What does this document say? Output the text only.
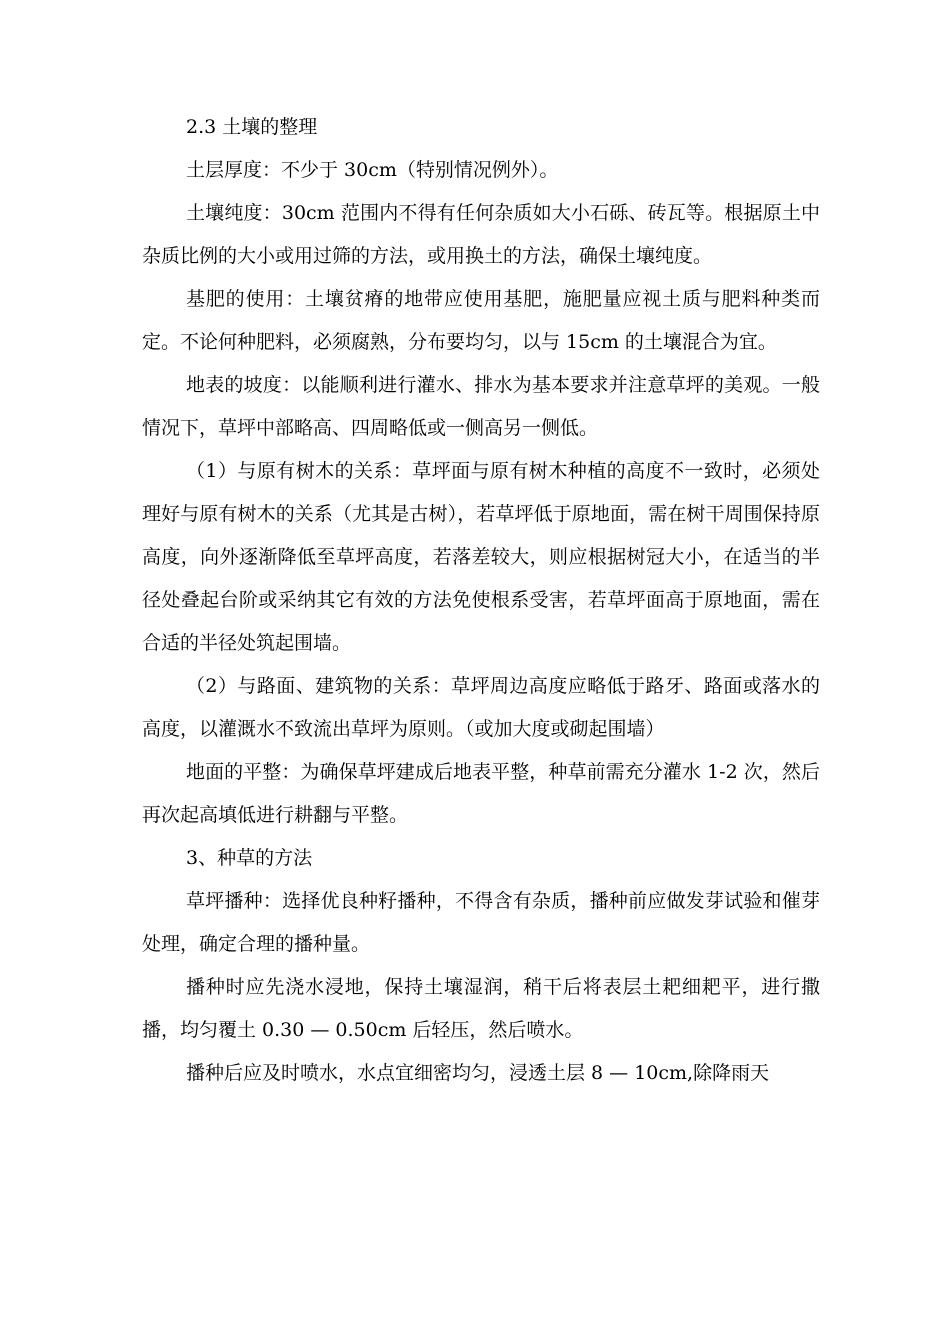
2.3 土壤的整理

土层厚度：不少于 30cm（特别情况例外）。

土壤纯度：30cm 范围内不得有任何杂质如大小石砾、砖瓦等。根据原土中杂质比例的大小或用过筛的方法，或用换土的方法，确保土壤纯度。

基肥的使用：土壤贫瘠的地带应使用基肥，施肥量应视土质与肥料种类而定。不论何种肥料，必须腐熟，分布要均匀，以与 15cm 的土壤混合为宜。

地表的坡度：以能顺利进行灌水、排水为基本要求并注意草坪的美观。一般情况下，草坪中部略高、四周略低或一侧高另一侧低。

（1）与原有树木的关系：草坪面与原有树木种植的高度不一致时，必须处理好与原有树木的关系（尤其是古树），若草坪低于原地面，需在树干周围保持原高度，向外逐渐降低至草坪高度，若落差较大，则应根据树冠大小，在适当的半径处叠起台阶或采纳其它有效的方法免使根系受害，若草坪面高于原地面，需在合适的半径处筑起围墙。

（2）与路面、建筑物的关系：草坪周边高度应略低于路牙、路面或落水的高度，以灌溉水不致流出草坪为原则。（或加大度或砌起围墙）

地面的平整：为确保草坪建成后地表平整，种草前需充分灌水 1-2 次，然后再次起高填低进行耕翻与平整。

3、种草的方法

草坪播种：选择优良种籽播种，不得含有杂质，播种前应做发芽试验和催芽处理，确定合理的播种量。

播种时应先浇水浸地，保持土壤湿润，稍干后将表层土耙细耙平，进行撒播，均匀覆土 0.30 — 0.50cm 后轻压，然后喷水。

播种后应及时喷水，水点宜细密均匀，浸透土层 8 — 10cm,除降雨天
